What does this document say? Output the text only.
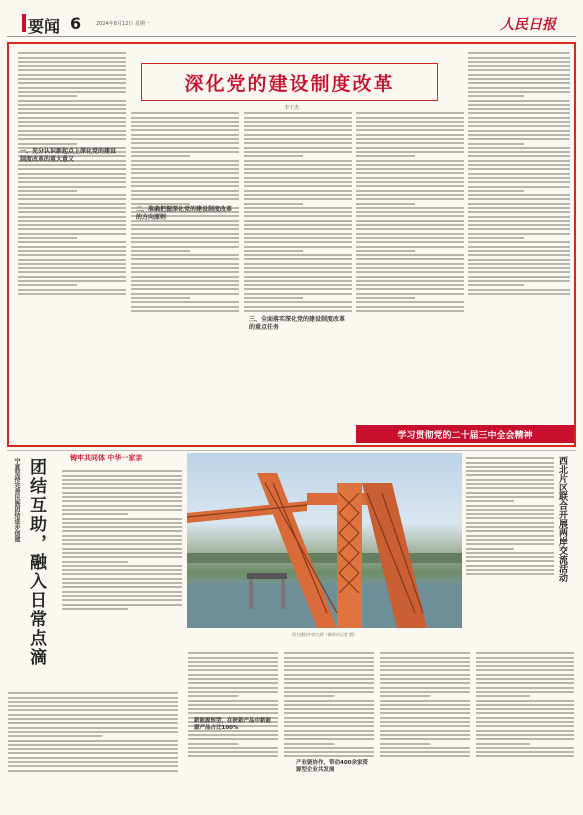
要闻 6	2024年8月12日 星期一	人民日报
深化党的建设制度改革
李干杰
一、充分认识新起点上深化党的建设制度改革的重大意义
二、准确把握深化党的建设制度改革的方向原则
三、全面落实深化党的建设制度改革的重点任务
学习贯彻党的二十届三中全会精神
宁夏坚持完善民族团结进步创建 团结互助，融入日常点滴	铸牢共同体 中华一家亲
图为建设中的大桥（新华社记者 摄）
西北片区联合开展两岸交流活动
新能源转型，在研新产品中新能源产品占比100%
产业链协作，带动400余家资源型企业共发展
